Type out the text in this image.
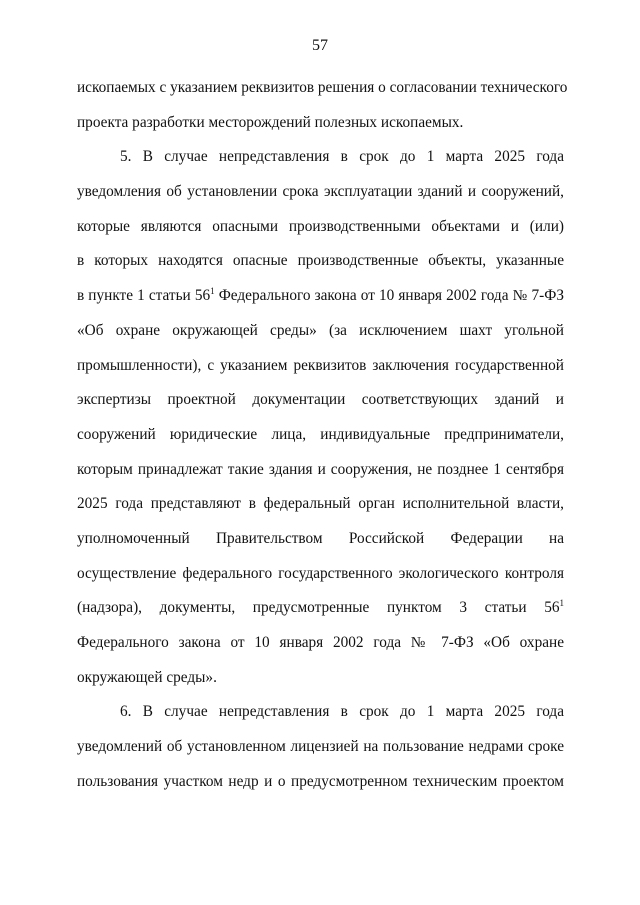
57
ископаемых с указанием реквизитов решения о согласовании технического
проекта разработки месторождений полезных ископаемых.
5. В случае непредставления в срок до 1 марта 2025 года
уведомления об установлении срока эксплуатации зданий и сооружений,
которые являются опасными производственными объектами и (или)
в которых находятся опасные производственные объекты, указанные
в пункте 1 статьи $56^1$ Федерального закона от 10 января 2002 года № 7-ФЗ
«Об охране окружающей среды» (за исключением шахт угольной
промышленности), с указанием реквизитов заключения государственной
экспертизы проектной документации соответствующих зданий и
сооружений юридические лица, индивидуальные предприниматели,
которым принадлежат такие здания и сооружения, не позднее 1 сентября
2025 года представляют в федеральный орган исполнительной власти,
уполномоченный Правительством Российской Федерации на
осуществление федерального государственного экологического контроля
(надзора), документы, предусмотренные пунктом 3 статьи $56^1$
Федерального закона от 10 января 2002 года № 7-ФЗ «Об охране
окружающей среды».
6. В случае непредставления в срок до 1 марта 2025 года
уведомлений об установленном лицензией на пользование недрами сроке
пользования участком недр и о предусмотренном техническим проектом
